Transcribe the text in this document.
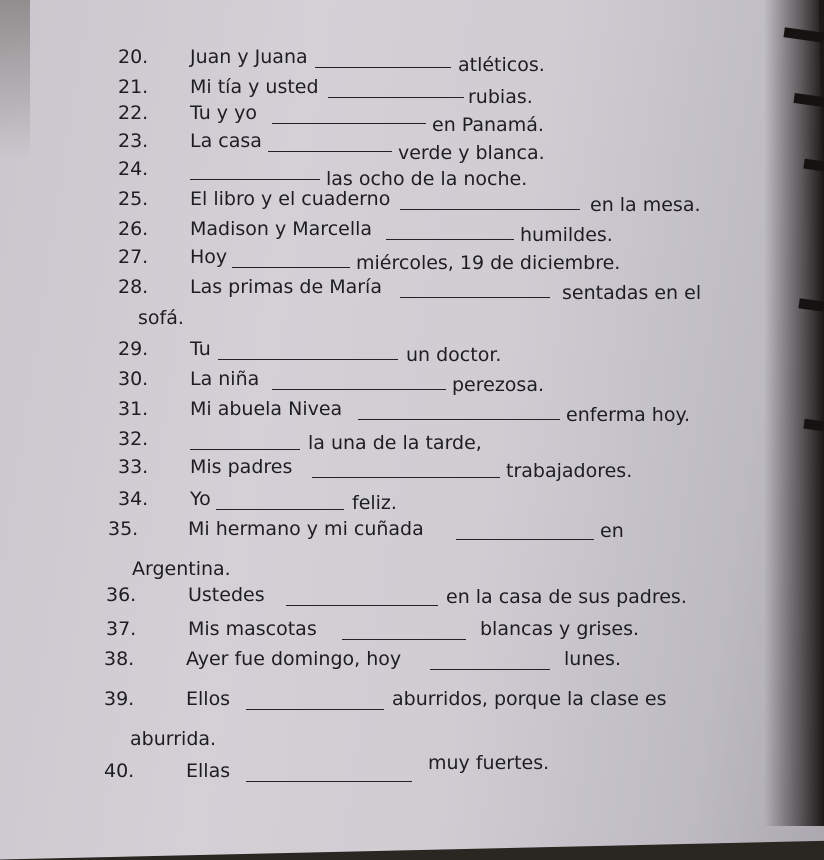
20. Juan y Juana	atléticos.
21. Mi tía y usted	rubias.
22. Tu y yo
en Panamá.
23. La casa
verde y blanca.
24.	las ocho de la noche.
25. El libro y el cuaderno	en la mesa.
26. Madison y Marcella	humildes.
27. Hoy	miércoles, 19 de diciembre.
28. Las primas de María	sentadas en el
sofá.
29. Tu	un doctor.
30. La niña	perezosa.
31. Mi abuela Nivea	enferma hoy.
32.	la una de la tarde,
33. Mis padres	trabajadores.
34. Yo	feliz.
35.	Mi hermano y mi cuñada	en
Argentina.
36.	Ustedes	en la casa de sus padres.
37.	Mis mascotas	blancas y grises.
38.	Ayer fue domingo, hoy	lunes.
39.	Ellos	aburridos, porque la clase es
aburrida.
40.	Ellas	muy fuertes.
